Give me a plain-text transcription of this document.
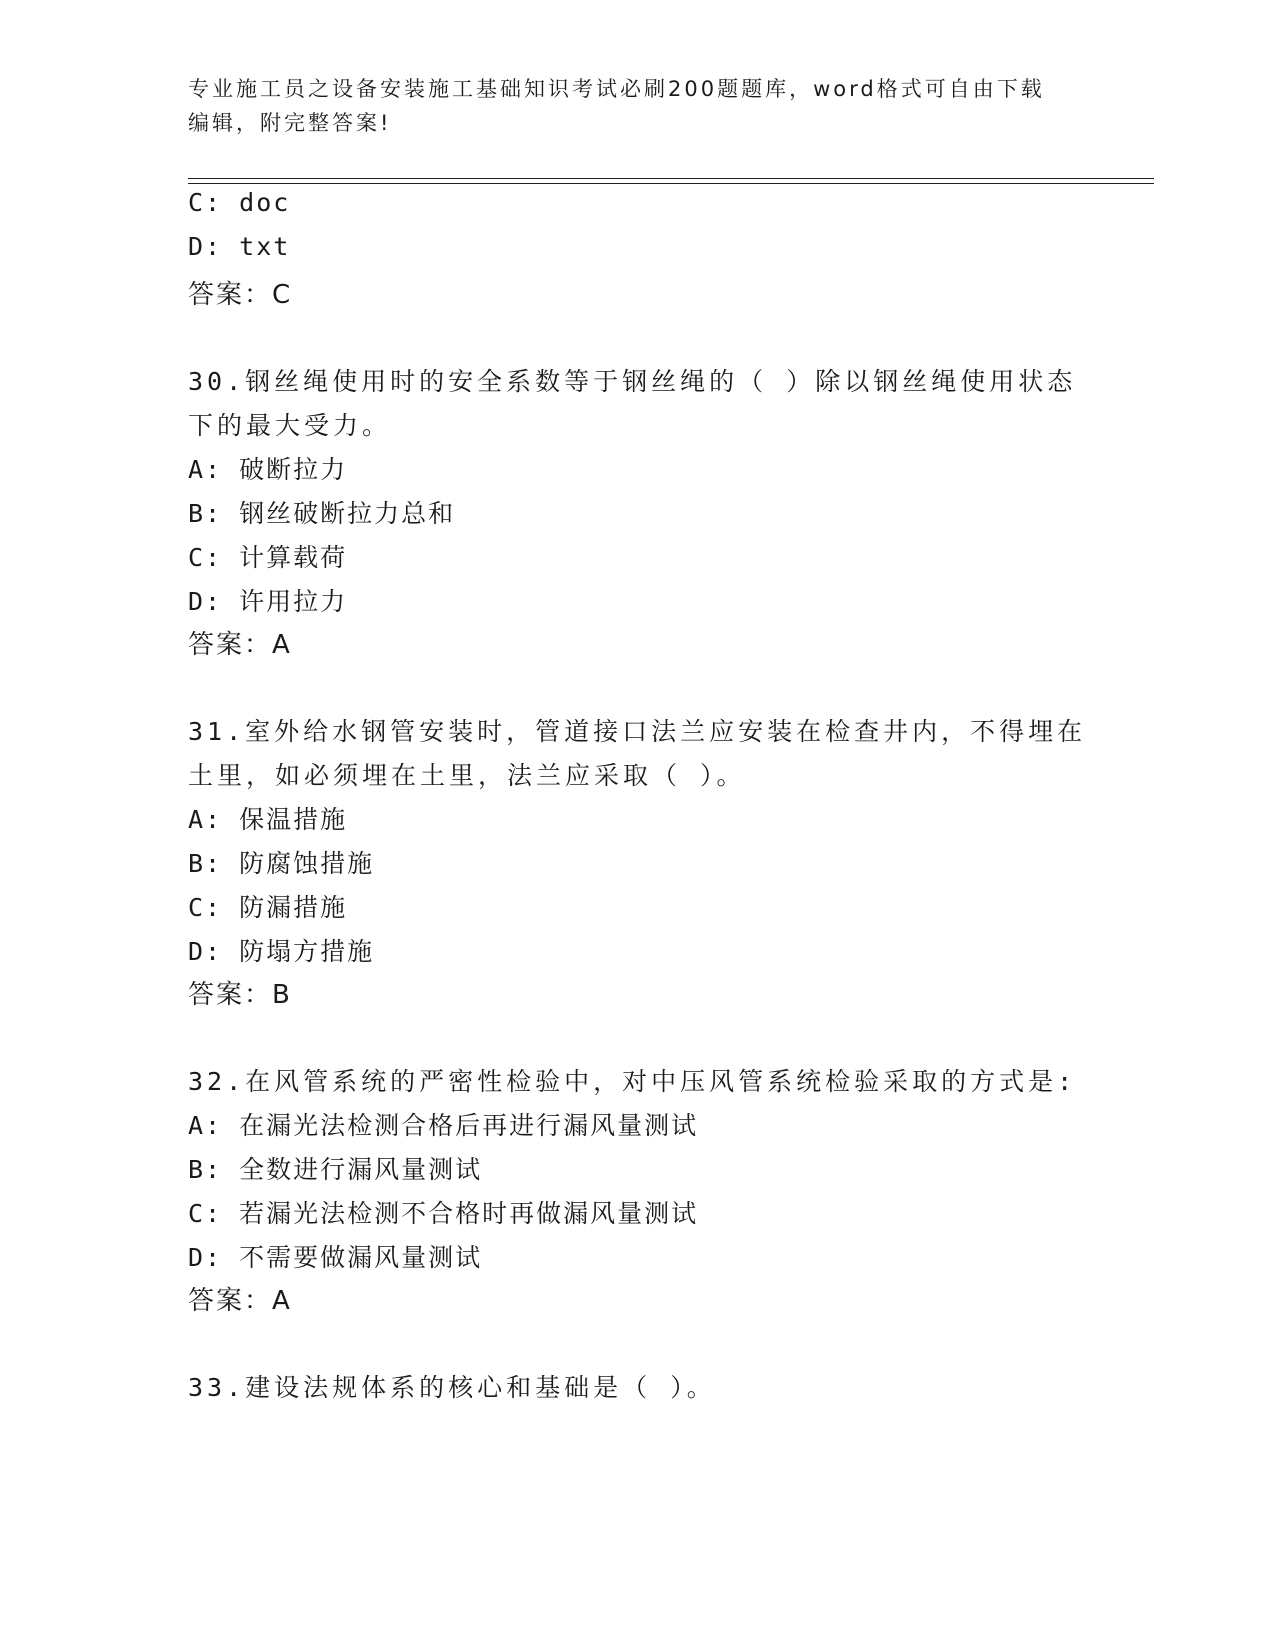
专业施工员之设备安装施工基础知识考试必刷200题题库，word格式可自由下载
编辑，附完整答案!
C: doc
D: txt
答案：C
30.钢丝绳使用时的安全系数等于钢丝绳的（ ）除以钢丝绳使用状态
下的最大受力。
A: 破断拉力
B: 钢丝破断拉力总和
C: 计算载荷
D: 许用拉力
答案：A
31.室外给水钢管安装时，管道接口法兰应安装在检查井内，不得埋在
土里，如必须埋在土里，法兰应采取（ ）。
A: 保温措施
B: 防腐蚀措施
C: 防漏措施
D: 防塌方措施
答案：B
32.在风管系统的严密性检验中，对中压风管系统检验采取的方式是:
A: 在漏光法检测合格后再进行漏风量测试
B: 全数进行漏风量测试
C: 若漏光法检测不合格时再做漏风量测试
D: 不需要做漏风量测试
答案：A
33.建设法规体系的核心和基础是（ ）。
